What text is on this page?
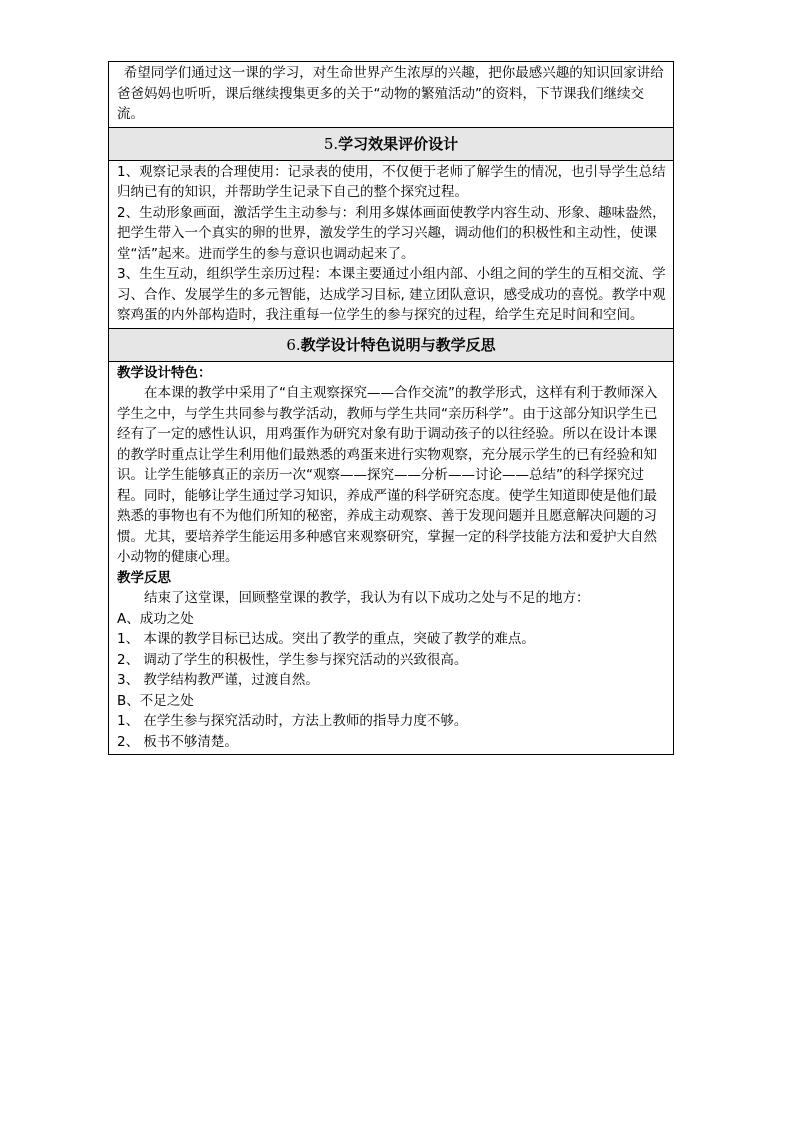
希望同学们通过这一课的学习，对生命世界产生浓厚的兴趣，把你最感兴趣的知识回家讲给爸爸妈妈也听听，课后继续搜集更多的关于“动物的繁殖活动”的资料，下节课我们继续交流。

5.学习效果评价设计

1、观察记录表的合理使用：记录表的使用，不仅便于老师了解学生的情况，也引导学生总结归纳已有的知识，并帮助学生记录下自己的整个探究过程。

2、生动形象画面，激活学生主动参与：利用多媒体画面使教学内容生动、形象、趣味盎然，把学生带入一个真实的卵的世界，激发学生的学习兴趣，调动他们的积极性和主动性，使课堂“活”起来。进而学生的参与意识也调动起来了。

3、生生互动，组织学生亲历过程：本课主要通过小组内部、小组之间的学生的互相交流、学习、合作、发展学生的多元智能，达成学习目标, 建立团队意识，感受成功的喜悦。教学中观察鸡蛋的内外部构造时，我注重每一位学生的参与探究的过程，给学生充足时间和空间。

6.教学设计特色说明与教学反思

教学设计特色：

在本课的教学中采用了“自主观察探究——合作交流”的教学形式，这样有利于教师深入学生之中，与学生共同参与教学活动，教师与学生共同“亲历科学”。由于这部分知识学生已经有了一定的感性认识，用鸡蛋作为研究对象有助于调动孩子的以往经验。所以在设计本课的教学时重点让学生利用他们最熟悉的鸡蛋来进行实物观察，充分展示学生的已有经验和知识。让学生能够真正的亲历一次“观察——探究——分析——讨论——总结”的科学探究过程。同时，能够让学生通过学习知识，养成严谨的科学研究态度。使学生知道即使是他们最熟悉的事物也有不为他们所知的秘密，养成主动观察、善于发现问题并且愿意解决问题的习惯。尤其，要培养学生能运用多种感官来观察研究，掌握一定的科学技能方法和爱护大自然小动物的健康心理。

教学反思

结束了这堂课，回顾整堂课的教学，我认为有以下成功之处与不足的地方：

A、成功之处

1、 本课的教学目标已达成。突出了教学的重点，突破了教学的难点。

2、 调动了学生的积极性，学生参与探究活动的兴致很高。

3、 教学结构教严谨，过渡自然。

B、不足之处

1、 在学生参与探究活动时，方法上教师的指导力度不够。

2、 板书不够清楚。
